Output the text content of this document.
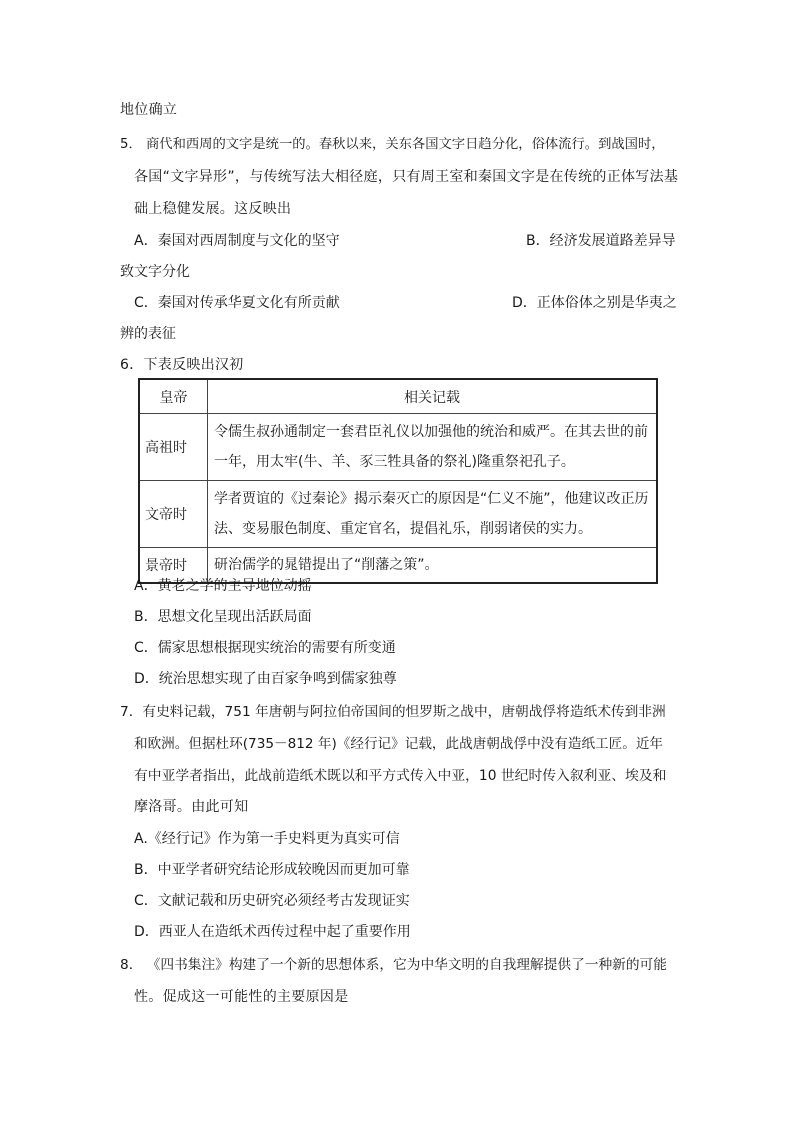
地位确立
5． 商代和西周的文字是统一的。春秋以来，关东各国文字日趋分化，俗体流行。到战国时，
各国“文字异形”，与传统写法大相径庭，只有周王室和秦国文字是在传统的正体写法基
础上稳健发展。这反映出
A．秦国对西周制度与文化的坚守	B．经济发展道路差异导
致文字分化
C．秦国对传承华夏文化有所贡献	D．正体俗体之别是华夷之
辨的表征
6．下表反映出汉初
皇帝	相关记载
高祖时	令儒生叔孙通制定一套君臣礼仪以加强他的统治和威严。在其去世的前
一年，用太牢(牛、羊、豕三牲具备的祭礼)隆重祭祀孔子。

文帝时	学者贾谊的《过秦论》揭示秦灭亡的原因是“仁义不施”，他建议改正历
法、变易服色制度、重定官名，提倡礼乐，削弱诸侯的实力。

景帝时	研治儒学的晁错提出了“削藩之策”。
A．黄老之学的主导地位动摇
B．思想文化呈现出活跃局面
C．儒家思想根据现实统治的需要有所变通
D．统治思想实现了由百家争鸣到儒家独尊
7．有史料记载，751 年唐朝与阿拉伯帝国间的怛罗斯之战中，唐朝战俘将造纸术传到非洲
和欧洲。但据杜环(735－812 年)《经行记》记载，此战唐朝战俘中没有造纸工匠。近年
有中亚学者指出，此战前造纸术既以和平方式传入中亚，10 世纪时传入叙利亚、埃及和
摩洛哥。由此可知
A.《经行记》作为第一手史料更为真实可信
B．中亚学者研究结论形成较晚因而更加可靠
C．文献记载和历史研究必须经考古发现证实
D．西亚人在造纸术西传过程中起了重要作用
8． 《四书集注》构建了一个新的思想体系，它为中华文明的自我理解提供了一种新的可能
性。促成这一可能性的主要原因是
